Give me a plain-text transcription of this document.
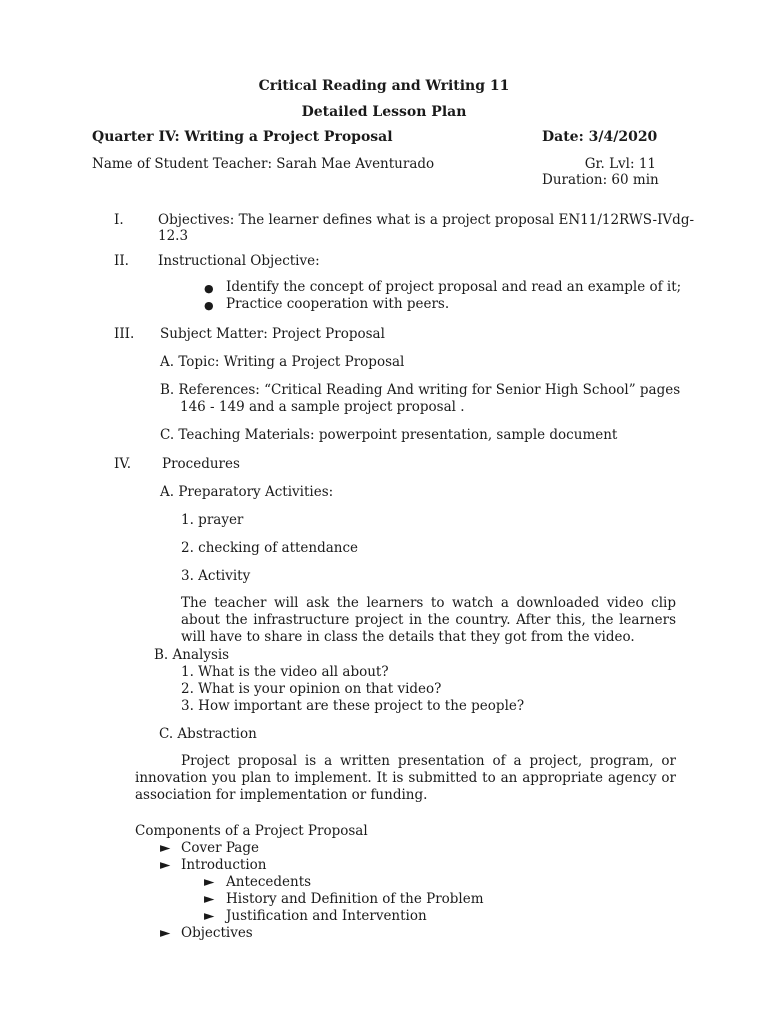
Critical Reading and Writing 11
Detailed Lesson Plan
Quarter IV: Writing a Project Proposal	Date: 3/4/2020
Name of Student Teacher: Sarah Mae Aventurado	Gr. Lvl: 11
Duration: 60 min
I.	Objectives: The learner defines what is a project proposal EN11/12RWS-IVdg-
12.3
II. Instructional Objective:
● Identify the concept of project proposal and read an example of it;
● Practice cooperation with peers.
III. Subject Matter: Project Proposal
A. Topic: Writing a Project Proposal
B. References: “Critical Reading And writing for Senior High School” pages
146 - 149 and a sample project proposal .
C. Teaching Materials: powerpoint presentation, sample document
IV. Procedures
A. Preparatory Activities:
1. prayer
2. checking of attendance
3. Activity
The teacher will ask the learners to watch a downloaded video clip about the infrastructure project in the country. After this, the learners will have to share in class the details that they got from the video.
B. Analysis
1. What is the video all about?
2. What is your opinion on that video?
3. How important are these project to the people?
C. Abstraction
Project proposal is a written presentation of a project, program, or innovation you plan to implement. It is submitted to an appropriate agency or association for implementation or funding.
Components of a Project Proposal
► Cover Page
► Introduction
► Antecedents
► History and Definition of the Problem
► Justification and Intervention
► Objectives
